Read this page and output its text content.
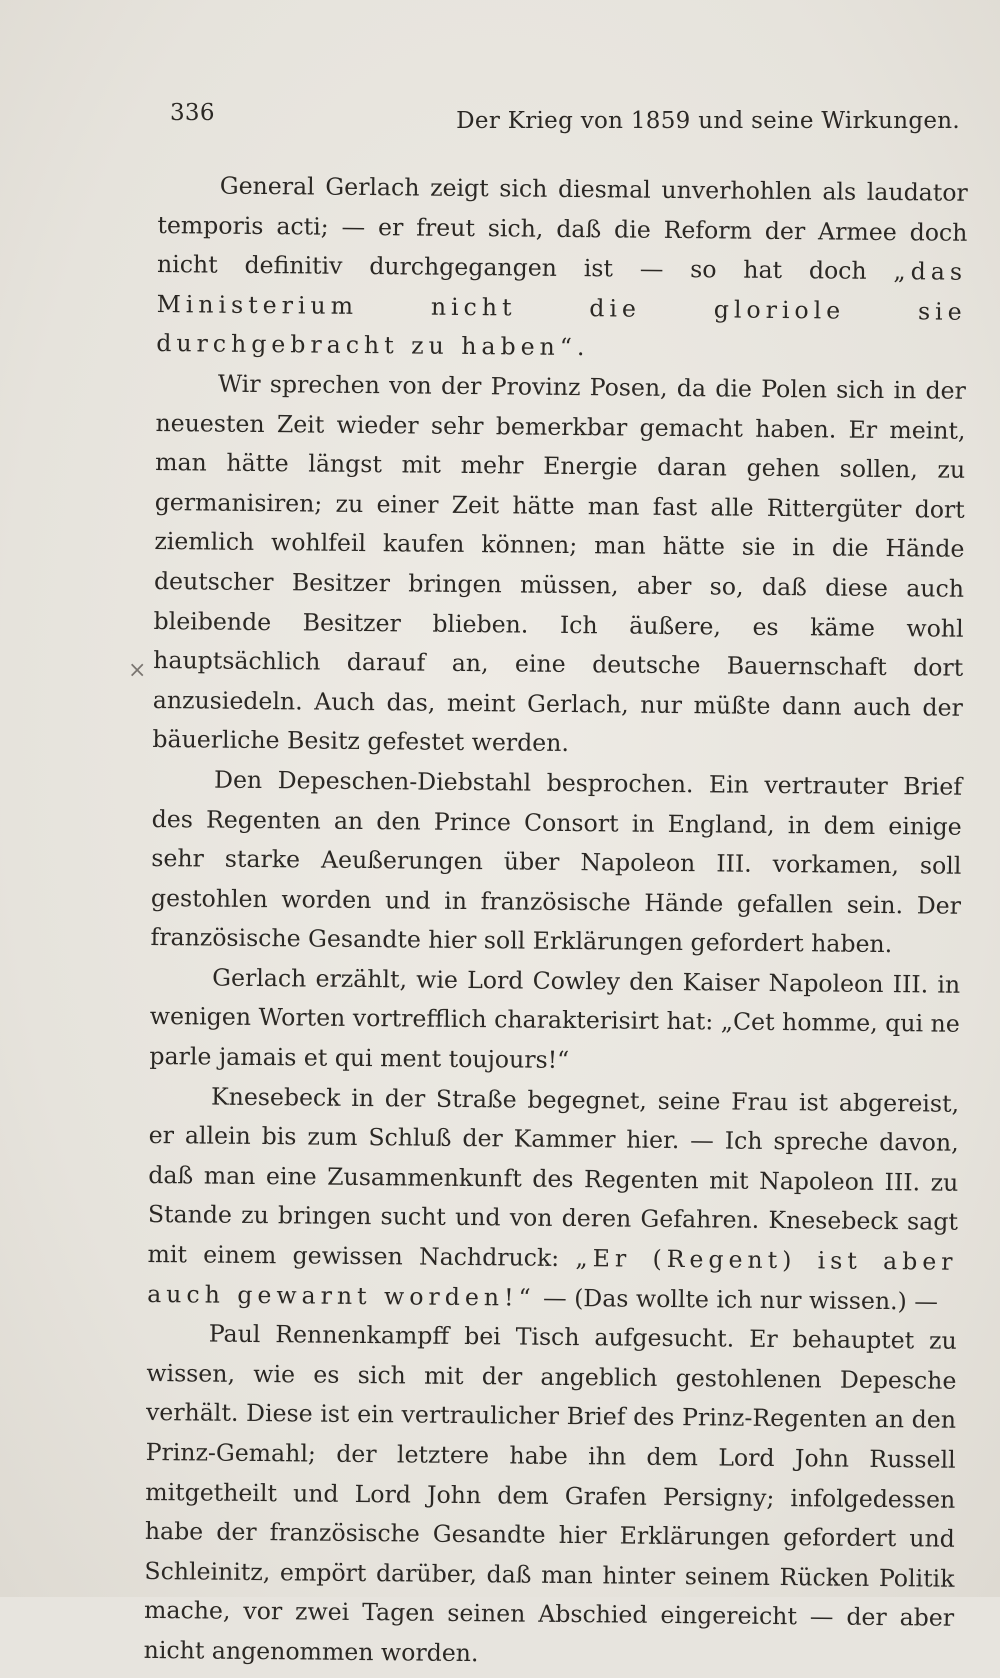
336	Der Krieg von 1859 und seine Wirkungen.
×

General Gerlach zeigt sich diesmal unverhohlen als laudator temporis acti; — er freut sich, daß die Reform der Armee doch nicht definitiv durchgegangen ist — so hat doch „das Ministerium nicht die gloriole sie durchgebracht zu haben“.

Wir sprechen von der Provinz Posen, da die Polen sich in der neuesten Zeit wieder sehr bemerkbar gemacht haben. Er meint, man hätte längst mit mehr Energie daran gehen sollen, zu germanisiren; zu einer Zeit hätte man fast alle Rittergüter dort ziemlich wohlfeil kaufen können; man hätte sie in die Hände deutscher Besitzer bringen müssen, aber so, daß diese auch bleibende Besitzer blieben. Ich äußere, es käme wohl hauptsächlich darauf an, eine deutsche Bauernschaft dort anzusiedeln. Auch das, meint Gerlach, nur müßte dann auch der bäuerliche Besitz gefestet werden.

Den Depeschen-Diebstahl besprochen. Ein vertrauter Brief des Regenten an den Prince Consort in England, in dem einige sehr starke Aeußerungen über Napoleon III. vorkamen, soll gestohlen worden und in französische Hände gefallen sein. Der französische Gesandte hier soll Erklärungen gefordert haben.

Gerlach erzählt, wie Lord Cowley den Kaiser Napoleon III. in wenigen Worten vortrefflich charakterisirt hat: „Cet homme, qui ne parle jamais et qui ment toujours!“

Knesebeck in der Straße begegnet, seine Frau ist abgereist, er allein bis zum Schluß der Kammer hier. — Ich spreche davon, daß man eine Zusammenkunft des Regenten mit Napoleon III. zu Stande zu bringen sucht und von deren Gefahren. Knesebeck sagt mit einem gewissen Nachdruck: „Er (Regent) ist aber auch gewarnt worden!“ — (Das wollte ich nur wissen.) —

Paul Rennenkampff bei Tisch aufgesucht. Er behauptet zu wissen, wie es sich mit der angeblich gestohlenen Depesche verhält. Diese ist ein vertraulicher Brief des Prinz-Regenten an den Prinz-Gemahl; der letztere habe ihn dem Lord John Russell mitgetheilt und Lord John dem Grafen Persigny; infolgedessen habe der französische Gesandte hier Erklärungen gefordert und Schleinitz, empört darüber, daß man hinter seinem Rücken Politik mache, vor zwei Tagen seinen Abschied eingereicht — der aber nicht angenommen worden.
